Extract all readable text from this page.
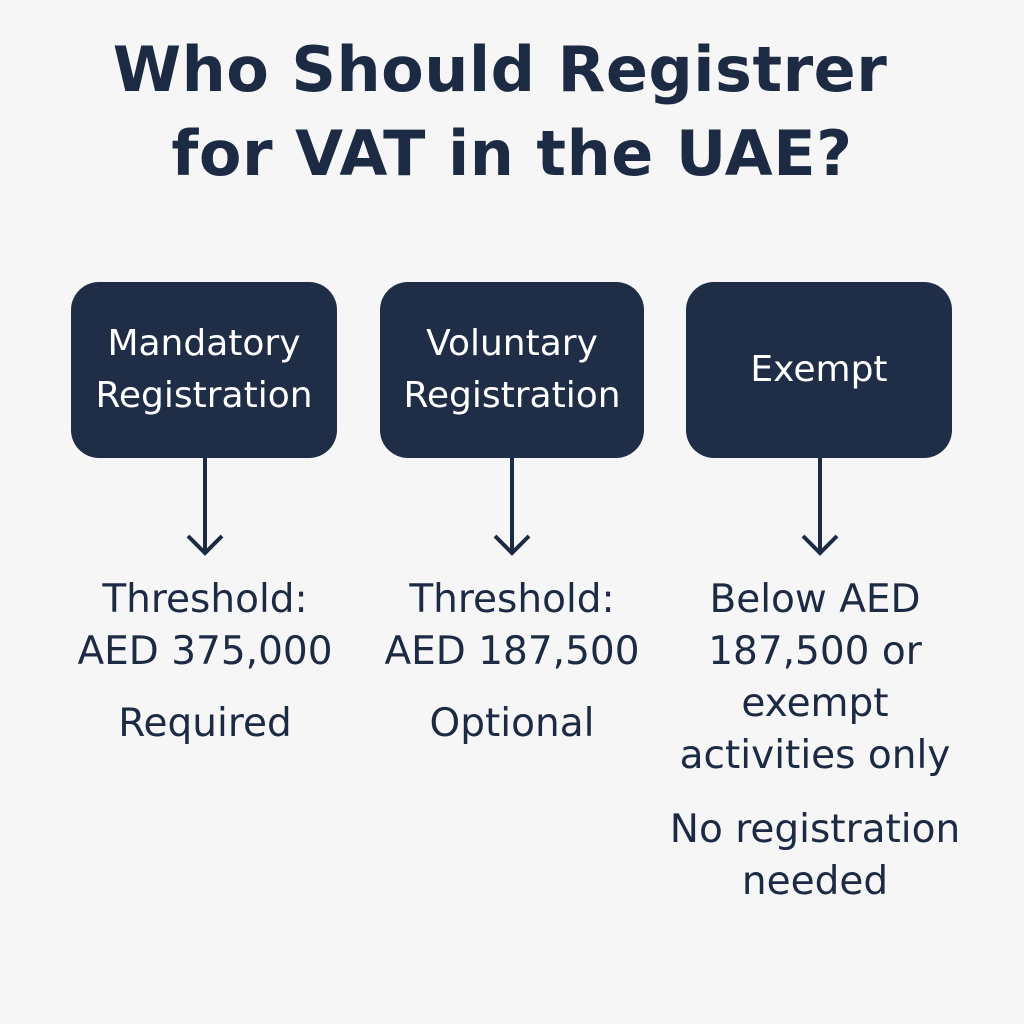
Who Should Registrer
for VAT in the UAE?
Mandatory
Registration
Threshold:
AED 375,000
Required
Voluntary
Registration
Threshold:
AED 187,500
Optional
Exempt
Below AED
187,500 or
exempt
activities only
No registration
needed
